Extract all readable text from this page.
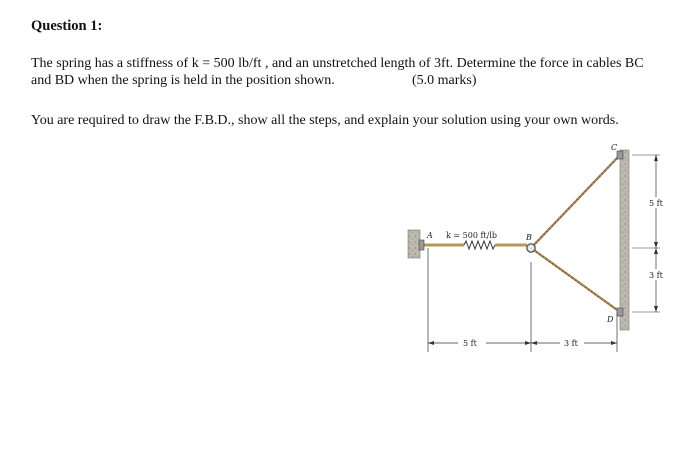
Question 1:
The spring has a stiffness of k = 500 lb/ft , and an unstretched length of 3ft. Determine the force in cables BC
and BD when the spring is held in the position shown.	(5.0 marks)
You are required to draw the F.B.D., show all the steps, and explain your solution using your own words.
5 ft	3 ft
5 ft
3 ft
A k = 500 ft/lb	B
C
D
